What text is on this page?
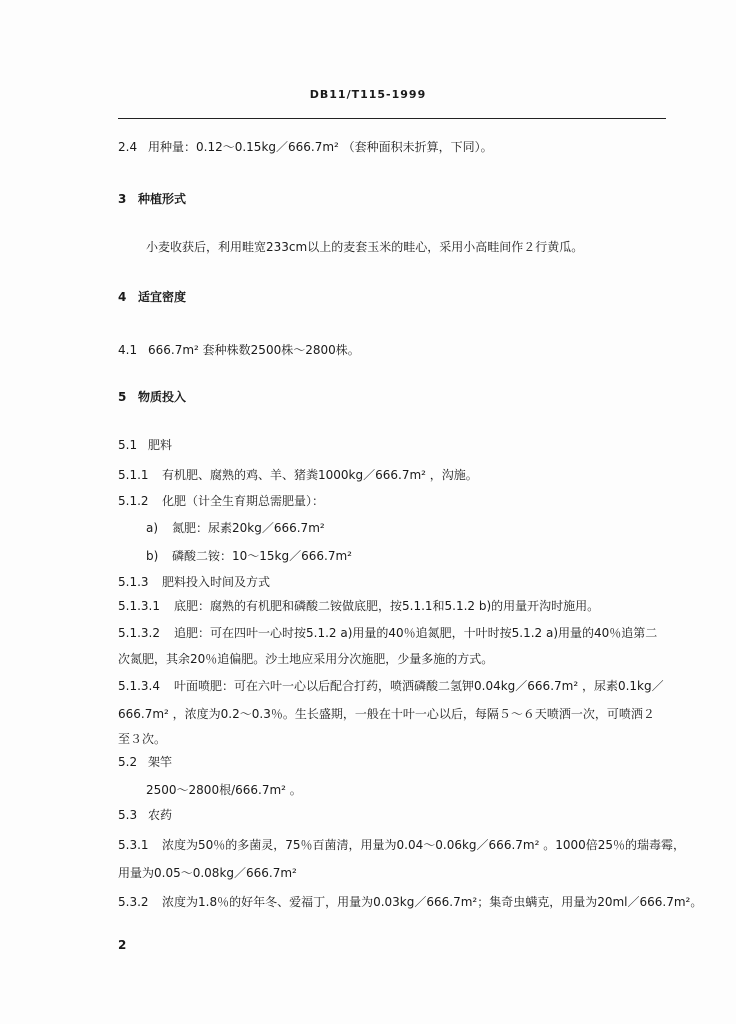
DB11/T115-1999
2.4 用种量：0.12～0.15kg／666.7m² （套种面积未折算，下同）。
3 种植形式
小麦收获后，利用畦宽233cm以上的麦套玉米的畦心，采用小高畦间作２行黄瓜。
4 适宜密度
4.1 666.7m² 套种株数2500株～2800株。
5 物质投入
5.1 肥料
5.1.1 有机肥、腐熟的鸡、羊、猪粪1000kg／666.7m² ，沟施。
5.1.2 化肥（计全生育期总需肥量）：
a) 氮肥：尿素20kg／666.7m²
b) 磷酸二铵：10～15kg／666.7m²
5.1.3 肥料投入时间及方式
5.1.3.1 底肥：腐熟的有机肥和磷酸二铵做底肥，按5.1.1和5.1.2 b)的用量开沟时施用。
5.1.3.2 追肥：可在四叶一心时按5.1.2 a)用量的40％追氮肥，十叶时按5.1.2 a)用量的40％追第二
次氮肥，其余20％追偏肥。沙土地应采用分次施肥，少量多施的方式。
5.1.3.4 叶面喷肥：可在六叶一心以后配合打药，喷洒磷酸二氢钾0.04kg／666.7m² ，尿素0.1kg／
666.7m² ，浓度为0.2～0.3％。生长盛期，一般在十叶一心以后，每隔５～６天喷洒一次，可喷洒２
至３次。
5.2 架竿
2500～2800根/666.7m² 。
5.3 农药
5.3.1 浓度为50％的多菌灵，75％百菌清，用量为0.04～0.06kg／666.7m² 。1000倍25％的瑞毒霉，
用量为0.05～0.08kg／666.7m²
5.3.2 浓度为1.8％的好年冬、爱福丁，用量为0.03kg／666.7m²；集奇虫螨克，用量为20ml／666.7m²。
2
